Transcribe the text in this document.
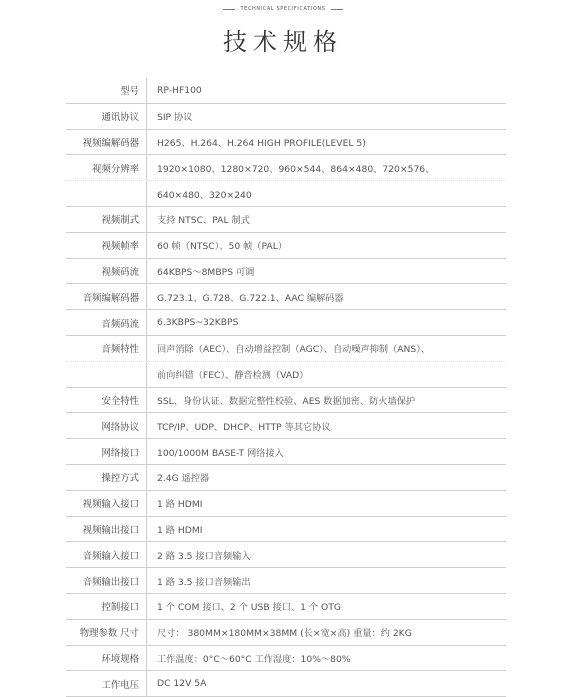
TECHNICAL SPECIFICATIONS
技术规格
型号	RP-HF100
通讯协议	SIP 协议
视频编解码器	H265、H.264、H.264 HIGH PROFILE(LEVEL 5)
视频分辨率	1920×1080、1280×720、960×544、864×480、720×576、
640×480、320×240
视频制式	支持 NTSC、PAL 制式
视频帧率	60 帧（NTSC）、50 帧（PAL）
视频码流	64KBPS〜8MBPS 可调
音频编解码器	G.723.1、G.728、G.722.1、AAC 编解码器
音频码流	6.3KBPS~32KBPS
音频特性	回声消除（AEC）、自动增益控制（AGC）、自动噪声抑制（ANS）、
前向纠错（FEC）、静音检测（VAD）
安全特性	SSL、身份认证、数据完整性校验、AES 数据加密、防火墙保护
网络协议	TCP/IP、UDP、DHCP、HTTP 等其它协议
网络接口	100/1000M BASE-T 网络接入
操控方式	2.4G 遥控器
视频输入接口	1 路 HDMI
视频输出接口	1 路 HDMI
音频输入接口	2 路 3.5 接口音频输入
音频输出接口	1 路 3.5 接口音频输出
控制接口	1 个 COM 接口、2 个 USB 接口、1 个 OTG
物理参数 尺寸	尺寸： 380MM×180MM×38MM (长×宽×高) 重量：约 2KG
环境规格	工作温度：0°C〜60°C 工作湿度：10%〜80%
工作电压	DC 12V 5A
